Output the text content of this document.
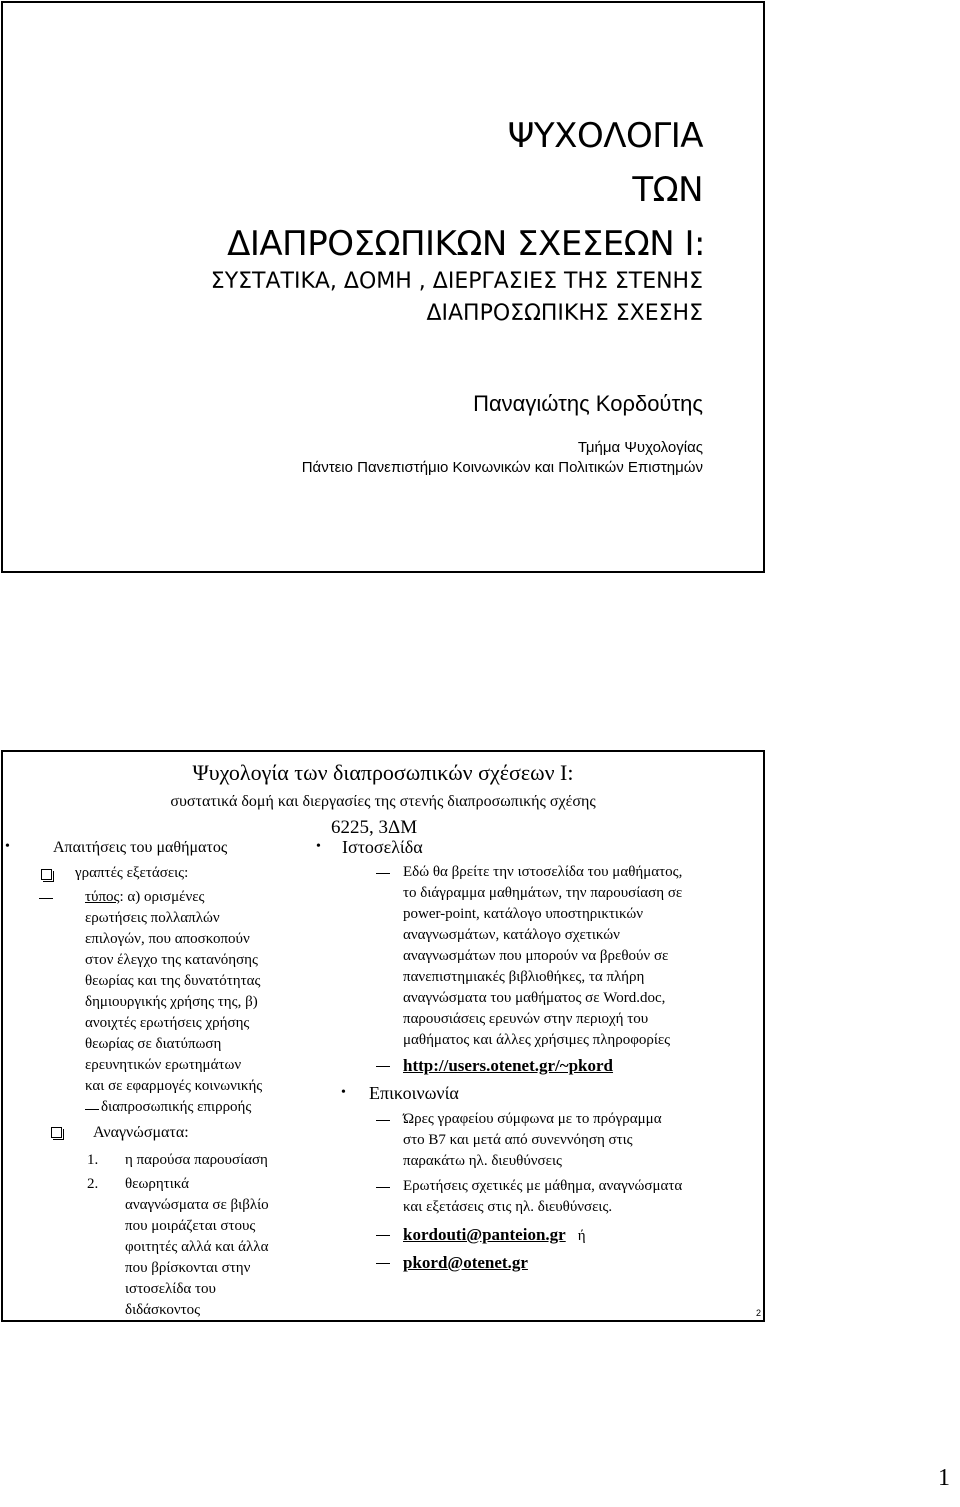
ΨΥΧΟΛΟΓΙΑ
ΤΩΝ
ΔΙΑΠΡΟΣΩΠΙΚΩΝ ΣΧΕΣΕΩΝ Ι:
ΣΥΣΤΑΤΙΚΑ, ΔΟΜΗ , ΔΙΕΡΓΑΣΙΕΣ ΤΗΣ ΣΤΕΝΗΣ
ΔΙΑΠΡΟΣΩΠΙΚΗΣ ΣΧΕΣΗΣ
Παναγιώτης Κορδούτης
Τμήμα Ψυχολογίας
Πάντειο Πανεπιστήμιο Κοινωνικών και Πολιτικών Επιστημών
Ψυχολογία των διαπροσωπικών σχέσεων Ι:
συστατικά δομή και διεργασίες της στενής διαπροσωπικής σχέσης
6225, 3ΔΜ
•	Απαιτήσεις του μαθήματος
γραπτές εξετάσεις:
τύπος: α) ορισμένες
ερωτήσεις πολλαπλών
επιλογών, που αποσκοπούν
στον έλεγχο της κατανόησης
θεωρίας και της δυνατότητας
δημιουργικής χρήσης της, β)
ανοιχτές ερωτήσεις χρήσης
θεωρίας σε διατύπωση
ερευνητικών ερωτημάτων
και σε εφαρμογές κοινωνικής
διαπροσωπικής επιρροής
Αναγνώσματα:
1. η παρούσα παρουσίαση
2. θεωρητικά
αναγνώσματα σε βιβλίο
που μοιράζεται στους
φοιτητές αλλά και άλλα
που βρίσκονται στην
ιστοσελίδα του
διδάσκοντος
• Ιστοσελίδα
Εδώ θα βρείτε την ιστοσελίδα του μαθήματος,
το διάγραμμα μαθημάτων, την παρουσίαση σε
power-point, κατάλογο υποστηρικτικών
αναγνωσμάτων, κατάλογο σχετικών
αναγνωσμάτων που μπορούν να βρεθούν σε
πανεπιστημιακές βιβλιοθήκες, τα πλήρη
αναγνώσματα του μαθήματος σε Word.doc,
παρουσιάσεις ερευνών στην περιοχή του
μαθήματος και άλλες χρήσιμες πληροφορίες
http://users.otenet.gr/~pkord
• Επικοινωνία
Ώρες γραφείου σύμφωνα με το πρόγραμμα
στο Β7 και μετά από συνεννόηση στις
παρακάτω ηλ. διευθύνσεις
Ερωτήσεις σχετικές με μάθημα, αναγνώσματα
και εξετάσεις στις ηλ. διευθύνσεις.
kordouti@panteion.gr ή
pkord@otenet.gr
2
1
